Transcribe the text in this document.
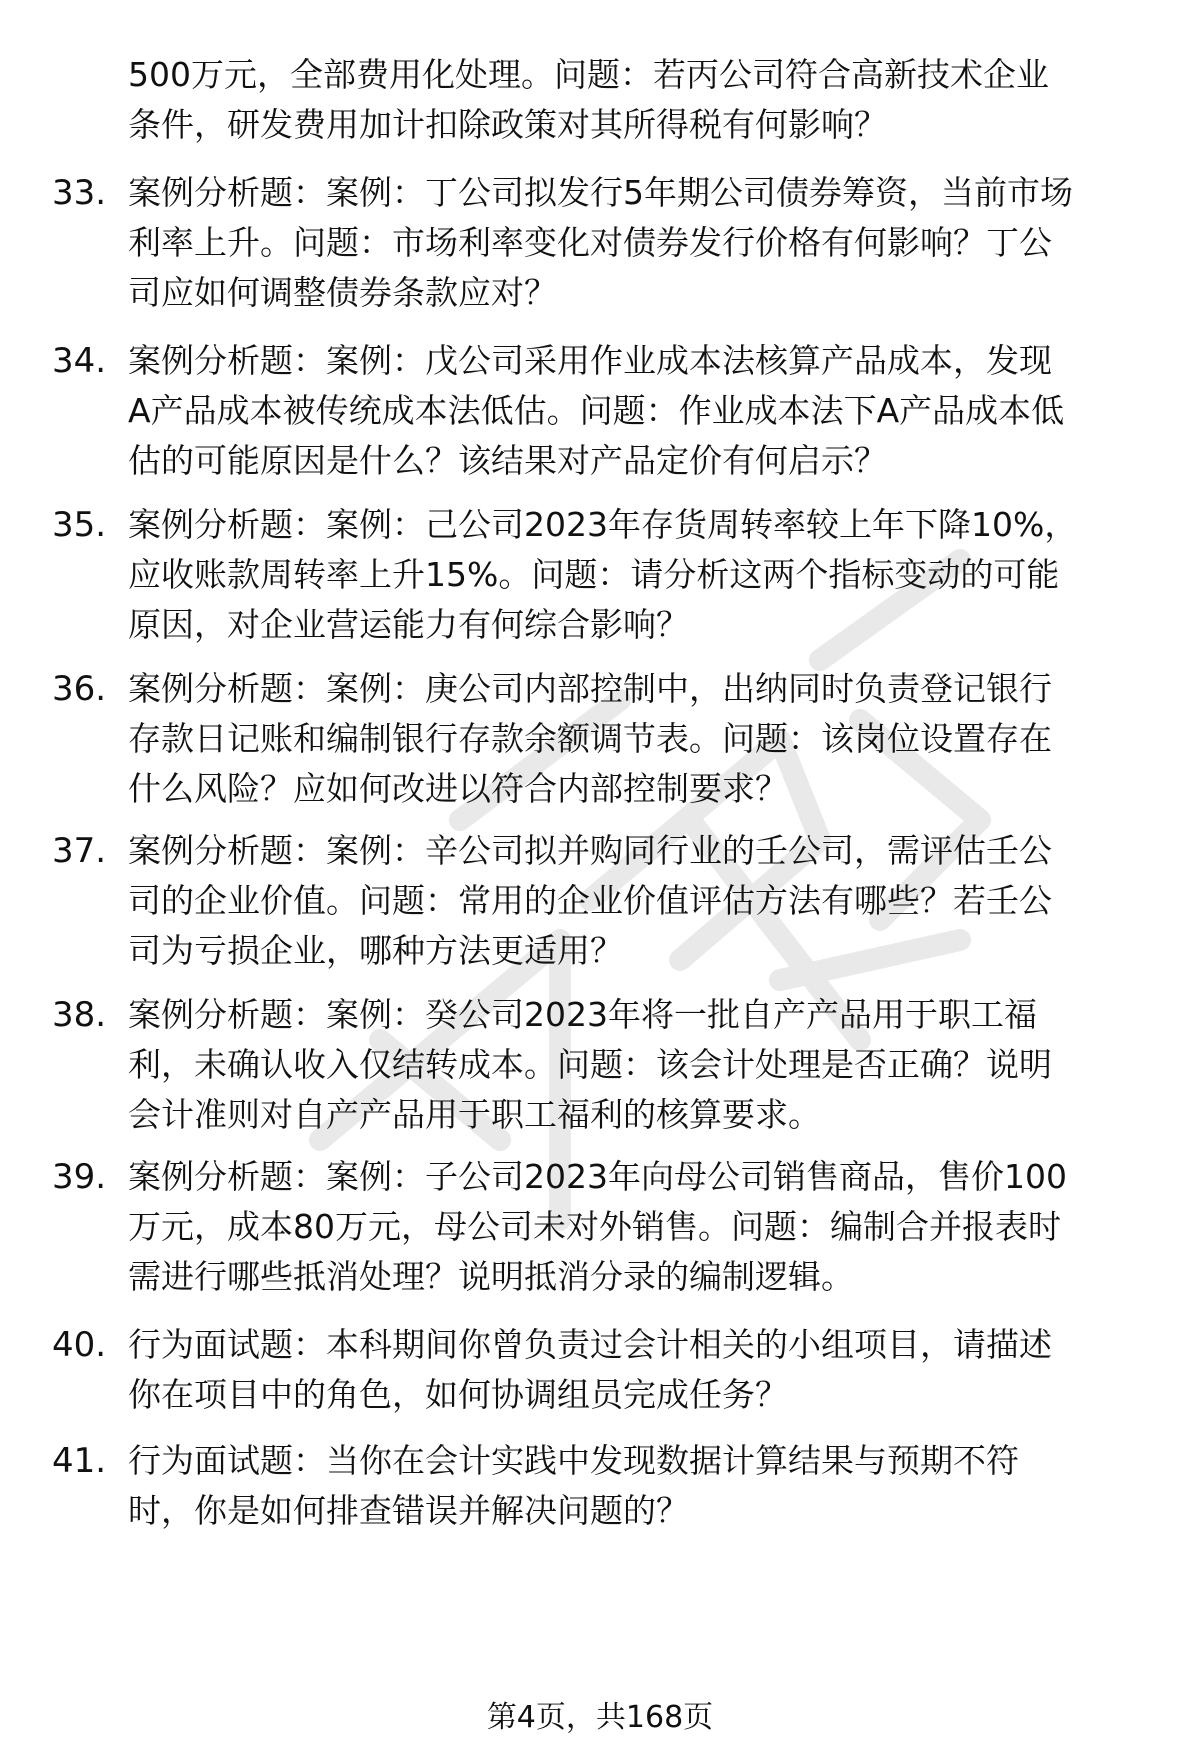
500万元，全部费用化处理。问题：若丙公司符合高新技术企业
条件，研发费用加计扣除政策对其所得税有何影响？
33. 案例分析题：案例：丁公司拟发行5年期公司债券筹资，当前市场
利率上升。问题：市场利率变化对债券发行价格有何影响？丁公
司应如何调整债券条款应对？
34. 案例分析题：案例：戊公司采用作业成本法核算产品成本，发现
A产品成本被传统成本法低估。问题：作业成本法下A产品成本低
估的可能原因是什么？该结果对产品定价有何启示？
35. 案例分析题：案例：己公司2023年存货周转率较上年下降10%，
应收账款周转率上升15%。问题：请分析这两个指标变动的可能
原因，对企业营运能力有何综合影响？
36. 案例分析题：案例：庚公司内部控制中，出纳同时负责登记银行
存款日记账和编制银行存款余额调节表。问题：该岗位设置存在
什么风险？应如何改进以符合内部控制要求？
37. 案例分析题：案例：辛公司拟并购同行业的壬公司，需评估壬公
司的企业价值。问题：常用的企业价值评估方法有哪些？若壬公
司为亏损企业，哪种方法更适用？
38. 案例分析题：案例：癸公司2023年将一批自产产品用于职工福
利，未确认收入仅结转成本。问题：该会计处理是否正确？说明
会计准则对自产产品用于职工福利的核算要求。
39. 案例分析题：案例：子公司2023年向母公司销售商品，售价100
万元，成本80万元，母公司未对外销售。问题：编制合并报表时
需进行哪些抵消处理？说明抵消分录的编制逻辑。
40. 行为面试题：本科期间你曾负责过会计相关的小组项目，请描述
你在项目中的角色，如何协调组员完成任务？
41. 行为面试题：当你在会计实践中发现数据计算结果与预期不符
时，你是如何排查错误并解决问题的？
第4页，共168页
